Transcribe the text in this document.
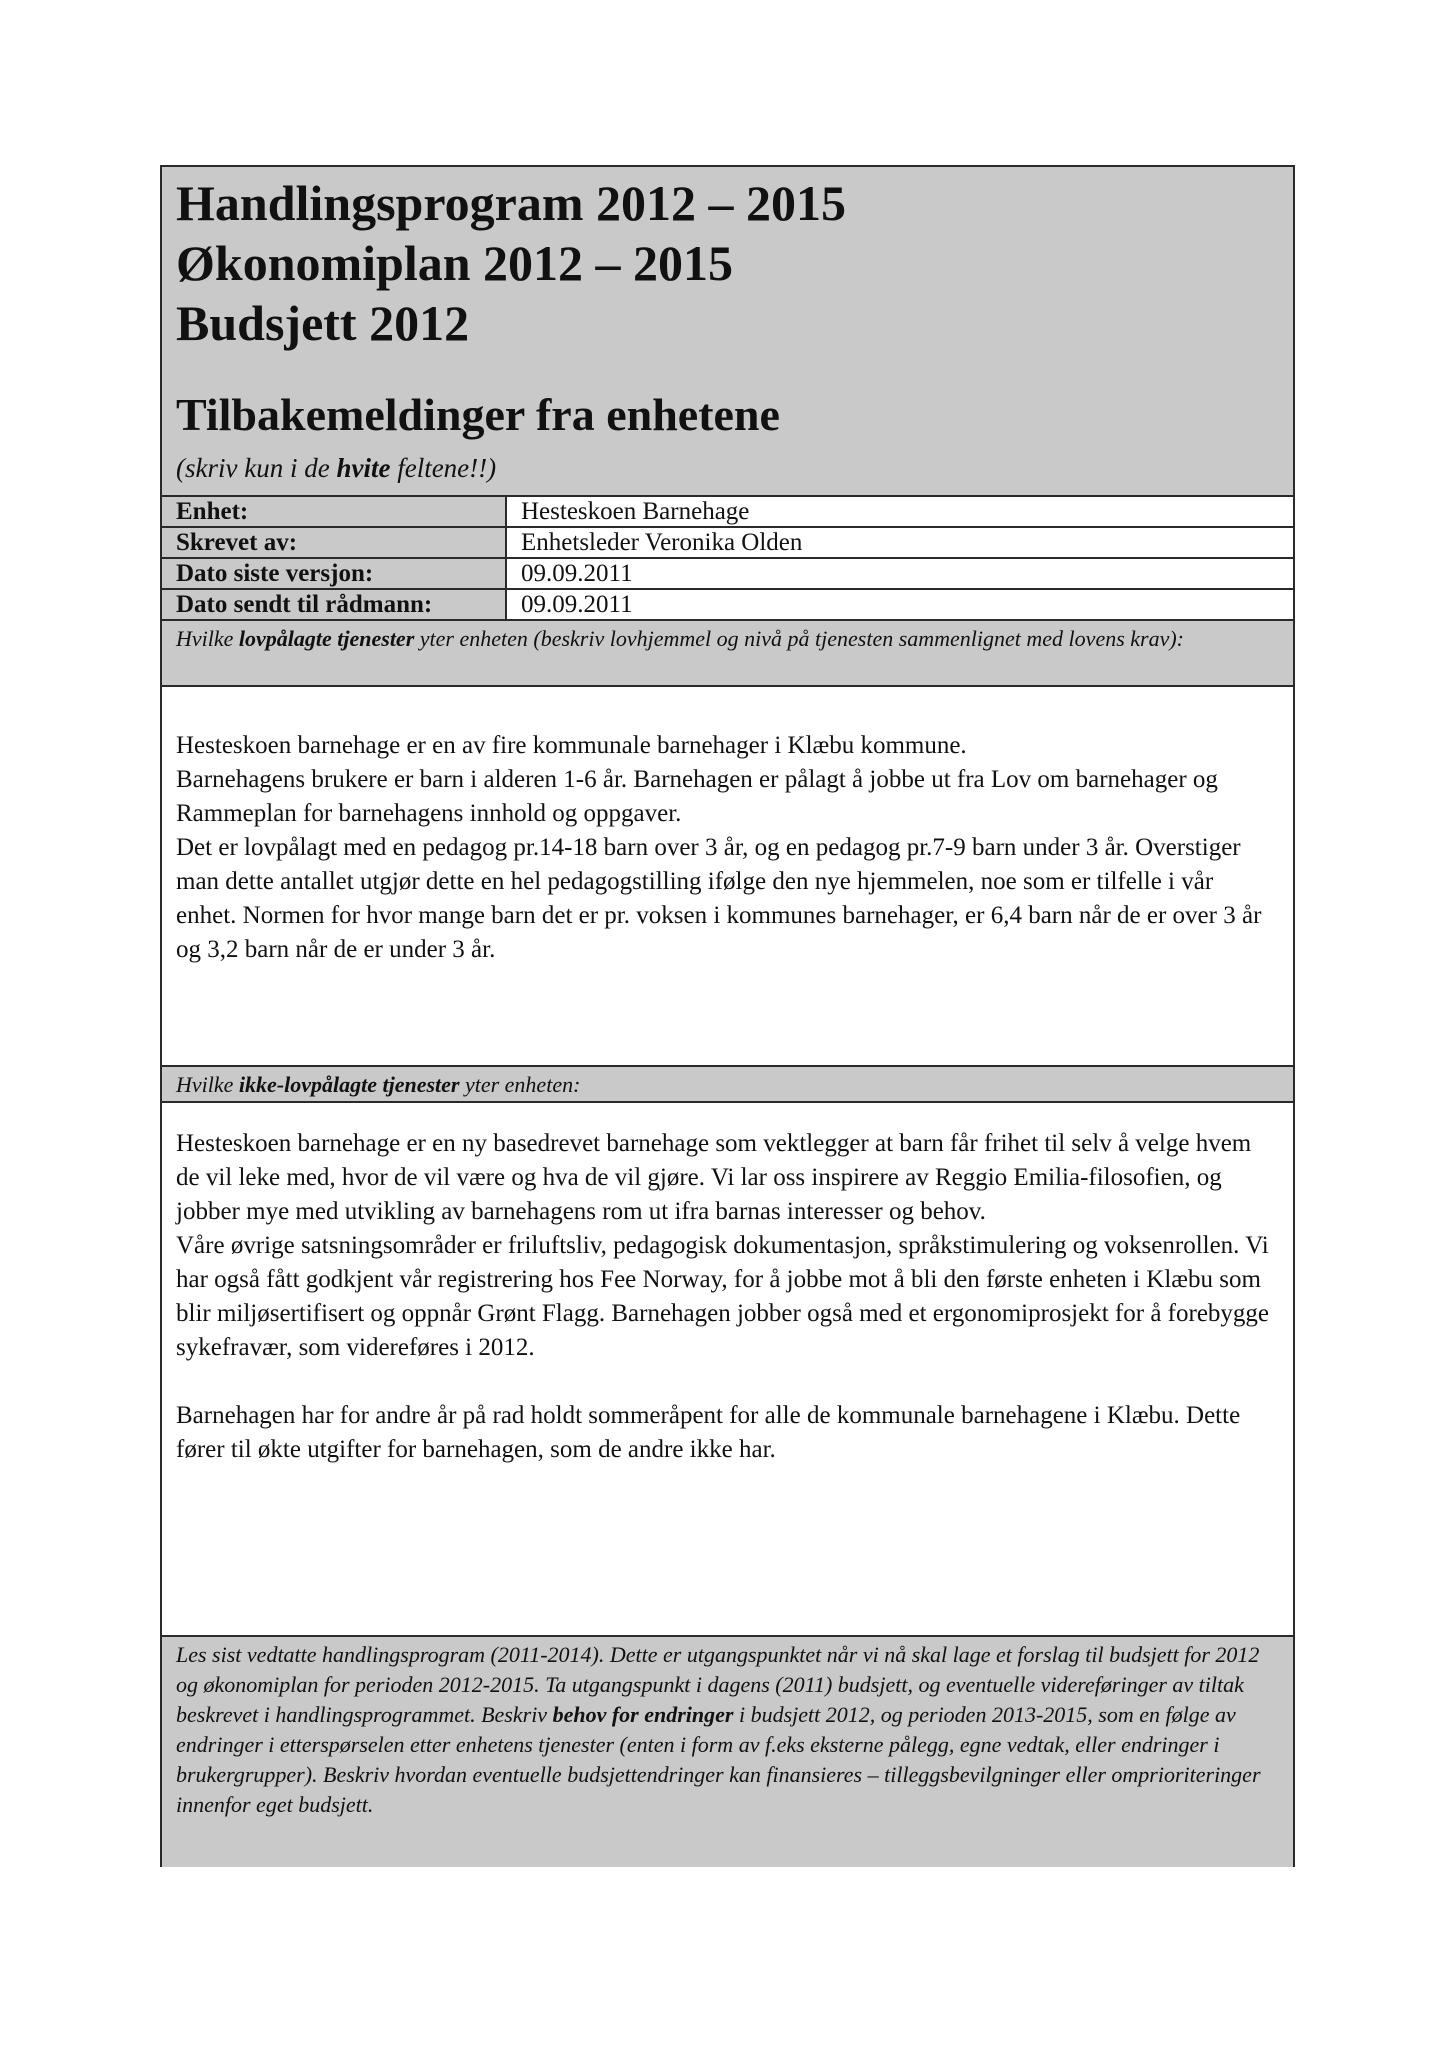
Handlingsprogram 2012 – 2015
Økonomiplan 2012 – 2015
Budsjett 2012
Tilbakemeldinger fra enhetene
(skriv kun i de hvite feltene!!)
Enhet:	Hesteskoen Barnehage
Skrevet av:	Enhetsleder Veronika Olden
Dato siste versjon:	09.09.2011
Dato sendt til rådmann:	09.09.2011
Hvilke lovpålagte tjenester yter enheten (beskriv lovhjemmel og nivå på tjenesten sammenlignet med lovens krav):

Hesteskoen barnehage er en av fire kommunale barnehager i Klæbu kommune.

Barnehagens brukere er barn i alderen 1-6 år. Barnehagen er pålagt å jobbe ut fra Lov om barnehager og Rammeplan for barnehagens innhold og oppgaver.

Det er lovpålagt med en pedagog pr.14-18 barn over 3 år, og en pedagog pr.7-9 barn under 3 år. Overstiger man dette antallet utgjør dette en hel pedagogstilling ifølge den nye hjemmelen, noe som er tilfelle i vår enhet. Normen for hvor mange barn det er pr. voksen i kommunes barnehager, er 6,4 barn når de er over 3 år og 3,2 barn når de er under 3 år.

Hvilke ikke-lovpålagte tjenester yter enheten:

Hesteskoen barnehage er en ny basedrevet barnehage som vektlegger at barn får frihet til selv å velge hvem de vil leke med, hvor de vil være og hva de vil gjøre. Vi lar oss inspirere av Reggio Emilia-filosofien, og jobber mye med utvikling av barnehagens rom ut ifra barnas interesser og behov.

Våre øvrige satsningsområder er friluftsliv, pedagogisk dokumentasjon, språkstimulering og voksenrollen. Vi har også fått godkjent vår registrering hos Fee Norway, for å jobbe mot å bli den første enheten i Klæbu som blir miljøsertifisert og oppnår Grønt Flagg. Barnehagen jobber også med et ergonomiprosjekt for å forebygge sykefravær, som videreføres i 2012.

Barnehagen har for andre år på rad holdt sommeråpent for alle de kommunale barnehagene i Klæbu. Dette fører til økte utgifter for barnehagen, som de andre ikke har.

Les sist vedtatte handlingsprogram (2011-2014). Dette er utgangspunktet når vi nå skal lage et forslag til budsjett for 2012 og økonomiplan for perioden 2012-2015. Ta utgangspunkt i dagens (2011) budsjett, og eventuelle videreføringer av tiltak beskrevet i handlingsprogrammet. Beskriv behov for endringer i budsjett 2012, og perioden 2013-2015, som en følge av endringer i etterspørselen etter enhetens tjenester (enten i form av f.eks eksterne pålegg, egne vedtak, eller endringer i brukergrupper). Beskriv hvordan eventuelle budsjettendringer kan finansieres – tilleggsbevilgninger eller omprioriteringer innenfor eget budsjett.
